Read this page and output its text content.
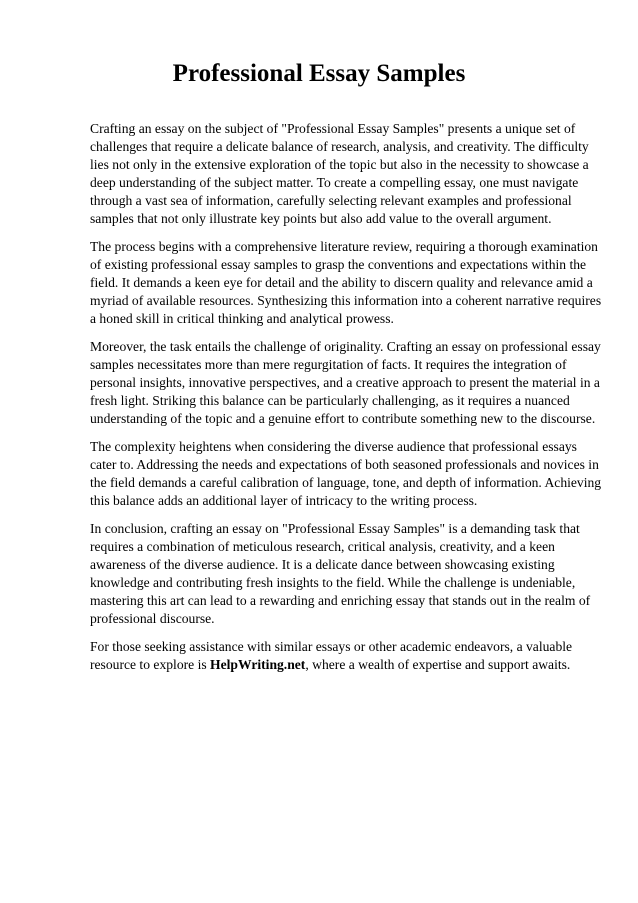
Professional Essay Samples

Crafting an essay on the subject of "Professional Essay Samples" presents a unique set of challenges that require a delicate balance of research, analysis, and creativity. The difficulty lies not only in the extensive exploration of the topic but also in the necessity to showcase a deep understanding of the subject matter. To create a compelling essay, one must navigate through a vast sea of information, carefully selecting relevant examples and professional samples that not only illustrate key points but also add value to the overall argument.

The process begins with a comprehensive literature review, requiring a thorough examination of existing professional essay samples to grasp the conventions and expectations within the field. It demands a keen eye for detail and the ability to discern quality and relevance amid a myriad of available resources. Synthesizing this information into a coherent narrative requires a honed skill in critical thinking and analytical prowess.

Moreover, the task entails the challenge of originality. Crafting an essay on professional essay samples necessitates more than mere regurgitation of facts. It requires the integration of personal insights, innovative perspectives, and a creative approach to present the material in a fresh light. Striking this balance can be particularly challenging, as it requires a nuanced understanding of the topic and a genuine effort to contribute something new to the discourse.

The complexity heightens when considering the diverse audience that professional essays cater to. Addressing the needs and expectations of both seasoned professionals and novices in the field demands a careful calibration of language, tone, and depth of information. Achieving this balance adds an additional layer of intricacy to the writing process.

In conclusion, crafting an essay on "Professional Essay Samples" is a demanding task that requires a combination of meticulous research, critical analysis, creativity, and a keen awareness of the diverse audience. It is a delicate dance between showcasing existing knowledge and contributing fresh insights to the field. While the challenge is undeniable, mastering this art can lead to a rewarding and enriching essay that stands out in the realm of professional discourse.

For those seeking assistance with similar essays or other academic endeavors, a valuable resource to explore is HelpWriting.net, where a wealth of expertise and support awaits.
